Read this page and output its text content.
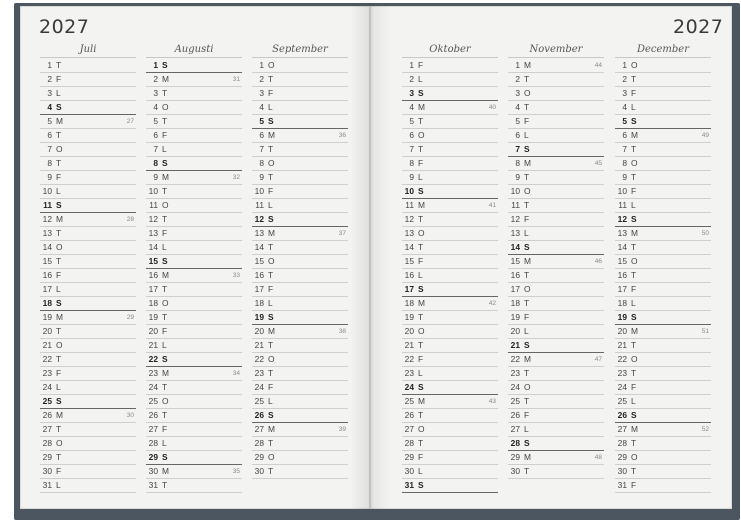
2027	2027
Juli
1 T
2 F
3 L
4 S
5 M	27
6 T
7 O
8 T
9 F
10 L
11 S
12 M	28
13 T
14 O
15 T
16 F
17 L
18 S
19 M	29
20 T
21 O
22 T
23 F
24 L
25 S
26 M	30
27 T
28 O
29 T
30 F
31 L
Augusti
1 S
2 M	31
3 T
4 O
5 T
6 F
7 L
8 S
9 M	32
10 T
11 O
12 T
13 F
14 L
15 S
16 M	33
17 T
18 O
19 T
20 F
21 L
22 S
23 M	34
24 T
25 O
26 T
27 F
28 L
29 S
30 M	35
31 T
September
1 O
2 T
3 F
4 L
5 S
6 M	36
7 T
8 O
9 T
10 F
11 L
12 S
13 M	37
14 T
15 O
16 T
17 F
18 L
19 S
20 M	38
21 T
22 O
23 T
24 F
25 L
26 S
27 M	39
28 T
29 O
30 T
Oktober
1 F
2 L
3 S
4 M	40
5 T
6 O
7 T
8 F
9 L
10 S
11 M	41
12 T
13 O
14 T
15 F
16 L
17 S
18 M	42
19 T
20 O
21 T
22 F
23 L
24 S
25 M	43
26 T
27 O
28 T
29 F
30 L
31 S
November
1 M	44
2 T
3 O
4 T
5 F
6 L
7 S
8 M	45
9 T
10 O
11 T
12 F
13 L
14 S
15 M	46
16 T
17 O
18 T
19 F
20 L
21 S
22 M	47
23 T
24 O
25 T
26 F
27 L
28 S
29 M	48
30 T
December
1 O
2 T
3 F
4 L
5 S
6 M	49
7 T
8 O
9 T
10 F
11 L
12 S
13 M	50
14 T
15 O
16 T
17 F
18 L
19 S
20 M	51
21 T
22 O
23 T
24 F
25 L
26 S
27 M	52
28 T
29 O
30 T
31 F
